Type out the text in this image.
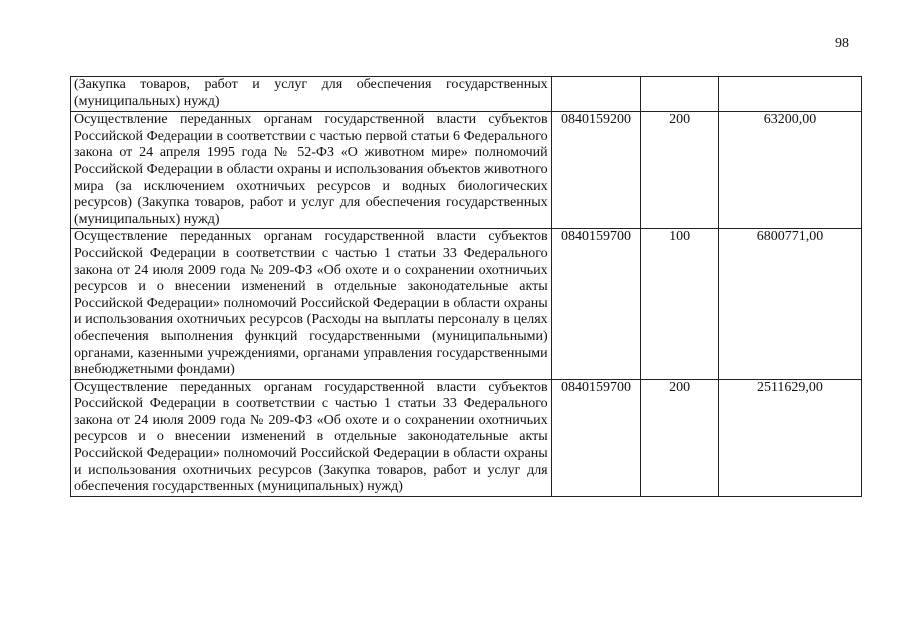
98
(Закупка товаров, работ и услуг для обеспечения государственных (муниципальных) нужд)			
Осуществление переданных органам государственной власти субъектов Российской Федерации в соответствии с частью первой статьи 6 Федерального закона от 24 апреля 1995 года № 52-ФЗ «О животном мире» полномочий Российской Федерации в области охраны и использования объектов животного мира (за исключением охотничьих ресурсов и водных биологических ресурсов) (Закупка товаров, работ и услуг для обеспечения государственных (муниципальных) нужд)	0840159200	200	63200,00
Осуществление переданных органам государственной власти субъектов Российской Федерации в соответствии с частью 1 статьи 33 Федерального закона от 24 июля 2009 года № 209-ФЗ «Об охоте и о сохранении охотничьих ресурсов и о внесении изменений в отдельные законодательные акты Российской Федерации» полномочий Российской Федерации в области охраны и использования охотничьих ресурсов (Расходы на выплаты персоналу в целях обеспечения выполнения функций государственными (муниципальными) органами, казенными учреждениями, органами управления государственными внебюджетными фондами)	0840159700	100	6800771,00
Осуществление переданных органам государственной власти субъектов Российской Федерации в соответствии с частью 1 статьи 33 Федерального закона от 24 июля 2009 года № 209-ФЗ «Об охоте и о сохранении охотничьих ресурсов и о внесении изменений в отдельные законодательные акты Российской Федерации» полномочий Российской Федерации в области охраны и использования охотничьих ресурсов (Закупка товаров, работ и услуг для обеспечения государственных (муниципальных) нужд)	0840159700	200	2511629,00
